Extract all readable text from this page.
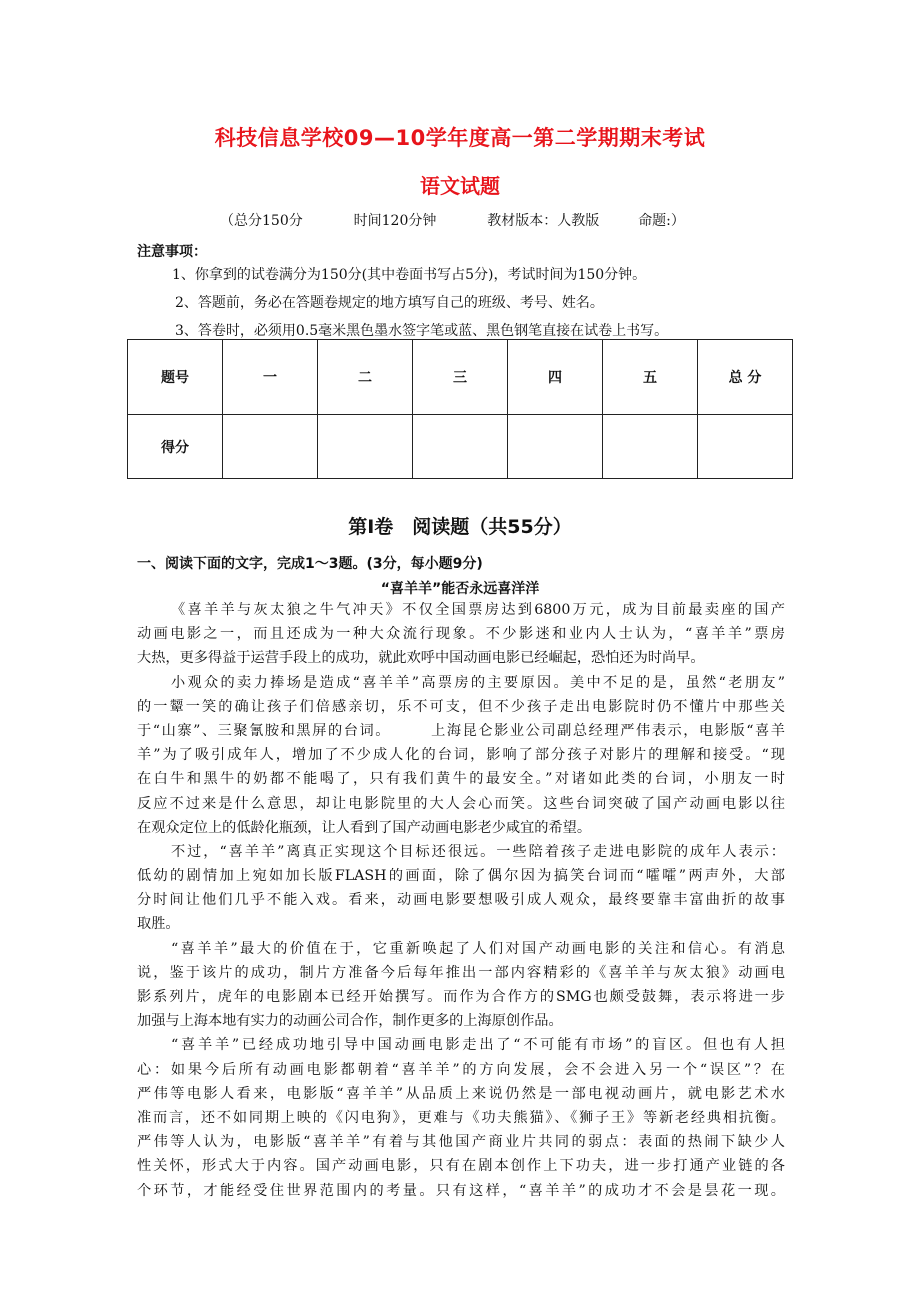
科技信息学校09—10学年度高一第二学期期末考试
语文试题
（总分150分	时间120分钟	教材版本：人教版	命题:）
注意事项：
1、你拿到的试卷满分为150分(其中卷面书写占5分)，考试时间为150分钟。
2、答题前，务必在答题卷规定的地方填写自己的班级、考号、姓名。
3、答卷时，必须用0.5毫米黑色墨水签字笔或蓝、黑色钢笔直接在试卷上书写。
题号	一	二	三	四	五	总 分
得分						
第Ⅰ卷　阅读题（共55分）
一、阅读下面的文字，完成1～3题。(3分，每小题9分)
“喜羊羊”能否永远喜洋洋
《喜羊羊与灰太狼之牛气冲天》不仅全国票房达到6800万元，成为目前最卖座的国产
动画电影之一，而且还成为一种大众流行现象。不少影迷和业内人士认为，“喜羊羊”票房
大热，更多得益于运营手段上的成功，就此欢呼中国动画电影已经崛起，恐怕还为时尚早。
小观众的卖力捧场是造成“喜羊羊”高票房的主要原因。美中不足的是，虽然“老朋友”
的一颦一笑的确让孩子们倍感亲切，乐不可支，但不少孩子走出电影院时仍不懂片中那些关
于“山寨”、三聚氰胺和黑屏的台词。　　　上海昆仑影业公司副总经理严伟表示，电影版“喜羊
羊”为了吸引成年人，增加了不少成人化的台词，影响了部分孩子对影片的理解和接受。“现
在白牛和黑牛的奶都不能喝了，只有我们黄牛的最安全。”对诸如此类的台词，小朋友一时
反应不过来是什么意思，却让电影院里的大人会心而笑。这些台词突破了国产动画电影以往
在观众定位上的低龄化瓶颈，让人看到了国产动画电影老少咸宜的希望。
不过，“喜羊羊”离真正实现这个目标还很远。一些陪着孩子走进电影院的成年人表示：
低幼的剧情加上宛如加长版FLASH的画面，除了偶尔因为搞笑台词而“嚯嚯”两声外，大部
分时间让他们几乎不能入戏。看来，动画电影要想吸引成人观众，最终要靠丰富曲折的故事
取胜。
“喜羊羊”最大的价值在于，它重新唤起了人们对国产动画电影的关注和信心。有消息
说，鉴于该片的成功，制片方准备今后每年推出一部内容精彩的《喜羊羊与灰太狼》动画电
影系列片，虎年的电影剧本已经开始撰写。而作为合作方的SMG也颇受鼓舞，表示将进一步
加强与上海本地有实力的动画公司合作，制作更多的上海原创作品。
“喜羊羊”已经成功地引导中国动画电影走出了“不可能有市场”的盲区。但也有人担
心：如果今后所有动画电影都朝着“喜羊羊”的方向发展，会不会进入另一个“误区”？在
严伟等电影人看来，电影版“喜羊羊”从品质上来说仍然是一部电视动画片，就电影艺术水
准而言，还不如同期上映的《闪电狗》，更难与《功夫熊猫》、《狮子王》等新老经典相抗衡。
严伟等人认为，电影版“喜羊羊”有着与其他国产商业片共同的弱点：表面的热闹下缺少人
性关怀，形式大于内容。国产动画电影，只有在剧本创作上下功夫，进一步打通产业链的各
个环节，才能经受住世界范围内的考量。只有这样，“喜羊羊”的成功才不会是昙花一现。
